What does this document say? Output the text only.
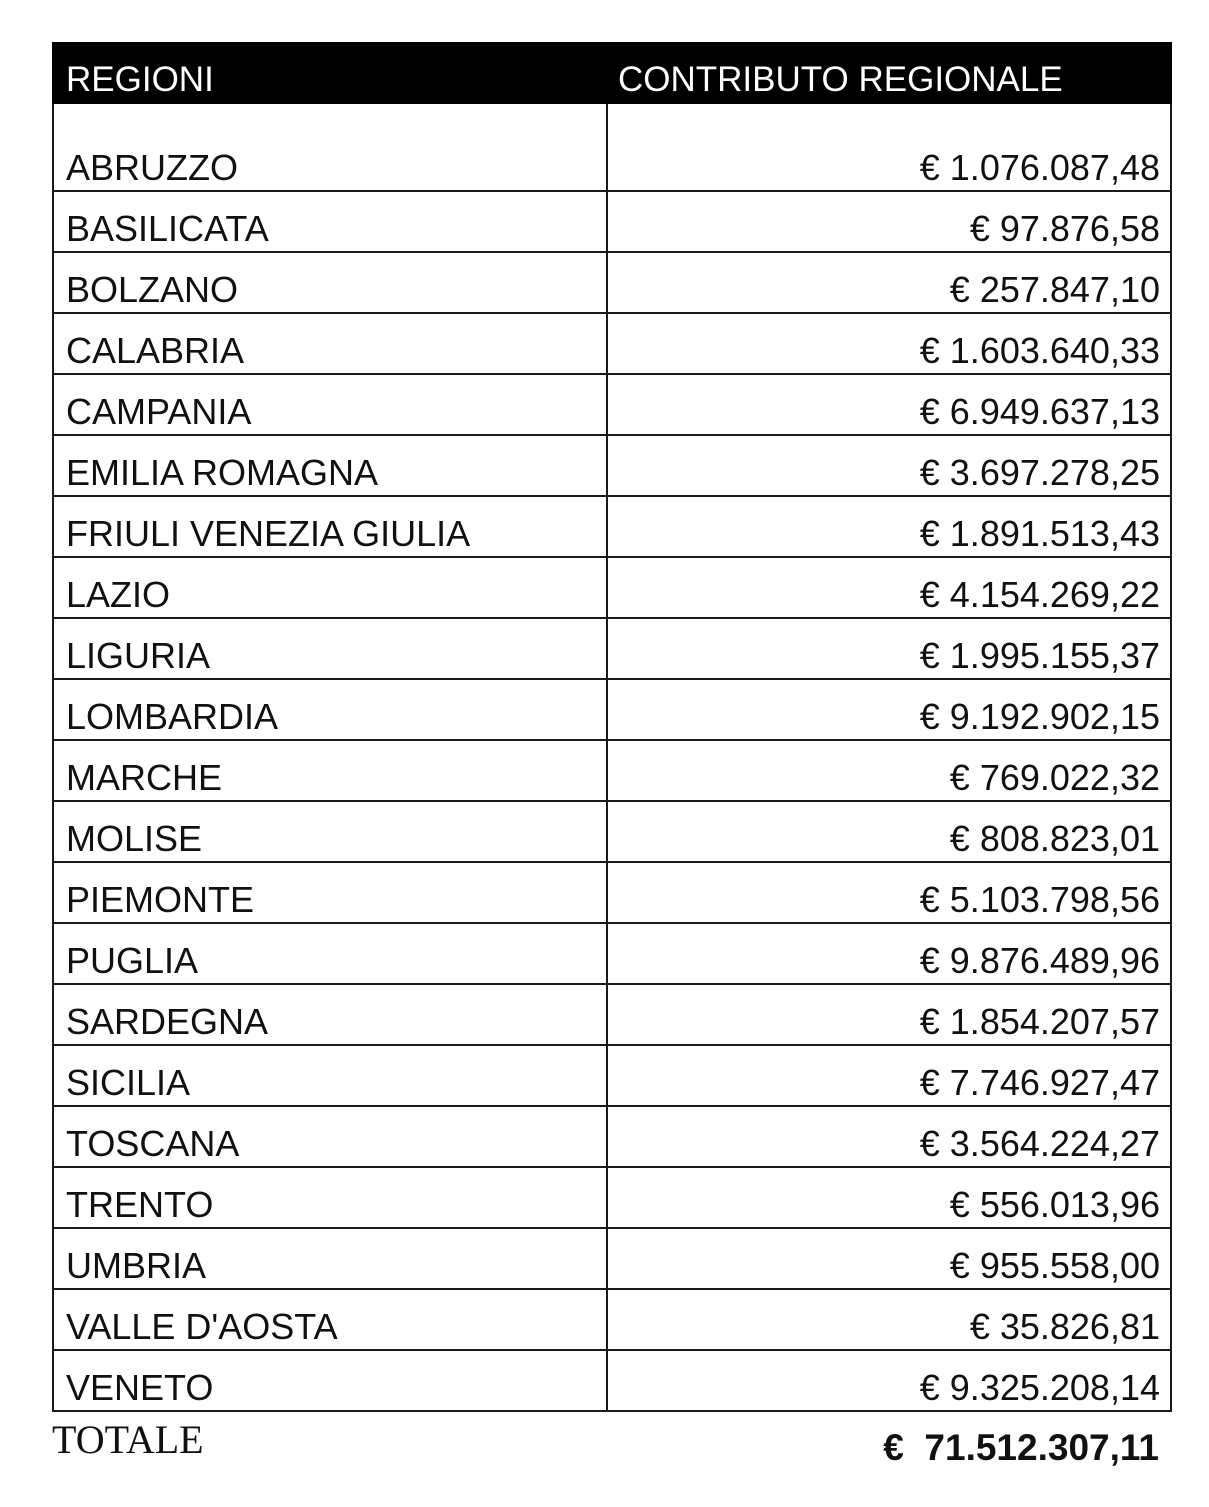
REGIONI	CONTRIBUTO REGIONALE
ABRUZZO	€ 1.076.087,48
BASILICATA	€ 97.876,58
BOLZANO	€ 257.847,10
CALABRIA	€ 1.603.640,33
CAMPANIA	€ 6.949.637,13
EMILIA ROMAGNA	€ 3.697.278,25
FRIULI VENEZIA GIULIA	€ 1.891.513,43
LAZIO	€ 4.154.269,22
LIGURIA	€ 1.995.155,37
LOMBARDIA	€ 9.192.902,15
MARCHE	€ 769.022,32
MOLISE	€ 808.823,01
PIEMONTE	€ 5.103.798,56
PUGLIA	€ 9.876.489,96
SARDEGNA	€ 1.854.207,57
SICILIA	€ 7.746.927,47
TOSCANA	€ 3.564.224,27
TRENTO	€ 556.013,96
UMBRIA	€ 955.558,00
VALLE D'AOSTA	€ 35.826,81
VENETO	€ 9.325.208,14
TOTALE	€  71.512.307,11
